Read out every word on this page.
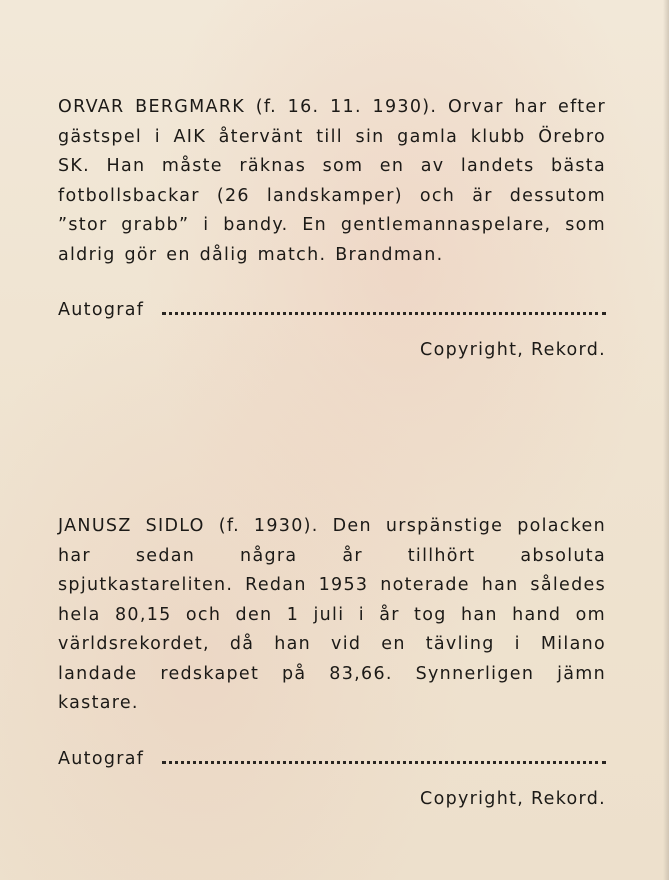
ORVAR BERGMARK (f. 16. 11. 1930). Orvar har efter gästspel i AIK återvänt till sin gamla klubb Örebro SK. Han måste räknas som en av landets bästa fotbollsbackar (26 landskamper) och är dessutom ”stor grabb” i bandy. En gentlemannaspelare, som aldrig gör en dålig match. Brandman.

Autograf
Copyright, Rekord.

JANUSZ SIDLO (f. 1930). Den urspänstige polacken har sedan några år tillhört absoluta spjutkastareliten. Redan 1953 noterade han således hela 80,15 och den 1 juli i år tog han hand om världsrekordet, då han vid en tävling i Milano landade redskapet på 83,66. Synnerligen jämn kastare.

Autograf
Copyright, Rekord.
